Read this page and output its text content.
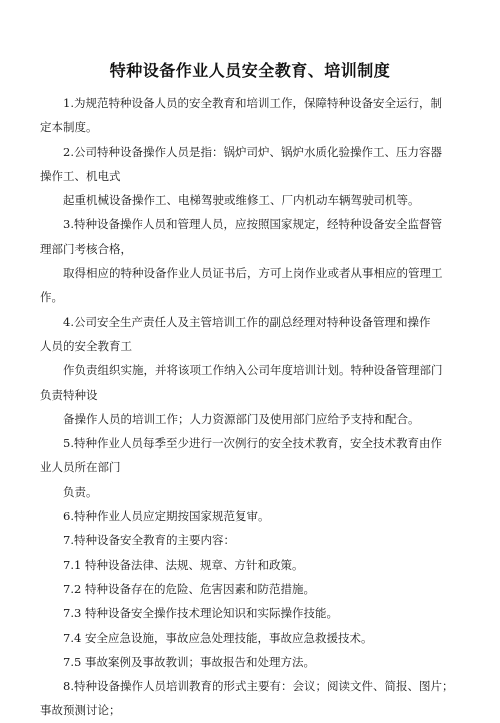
特种设备作业人员安全教育、培训制度

1.为规范特种设备人员的安全教育和培训工作，保障特种设备安全运行，制

定本制度。

2.公司特种设备操作人员是指：锅炉司炉、锅炉水质化验操作工、压力容器

操作工、机电式

起重机械设备操作工、电梯驾驶或维修工、厂内机动车辆驾驶司机等。

3.特种设备操作人员和管理人员，应按照国家规定，经特种设备安全监督管

理部门考核合格，

取得相应的特种设备作业人员证书后，方可上岗作业或者从事相应的管理工

作。

4.公司安全生产责任人及主管培训工作的副总经理对特种设备管理和操作

人员的安全教育工

作负责组织实施，并将该项工作纳入公司年度培训计划。特种设备管理部门

负责特种设

备操作人员的培训工作；人力资源部门及使用部门应给予支持和配合。

5.特种作业人员每季至少进行一次例行的安全技术教育，安全技术教育由作

业人员所在部门

负责。

6.特种作业人员应定期按国家规范复审。

7.特种设备安全教育的主要内容：

7.1 特种设备法律、法规、规章、方针和政策。

7.2 特种设备存在的危险、危害因素和防范措施。

7.3 特种设备安全操作技术理论知识和实际操作技能。

7.4 安全应急设施，事故应急处理技能，事故应急救援技术。

7.5 事故案例及事故教训；事故报告和处理方法。

8.特种设备操作人员培训教育的形式主要有：会议；阅读文件、简报、图片；

事故预测讨论；
